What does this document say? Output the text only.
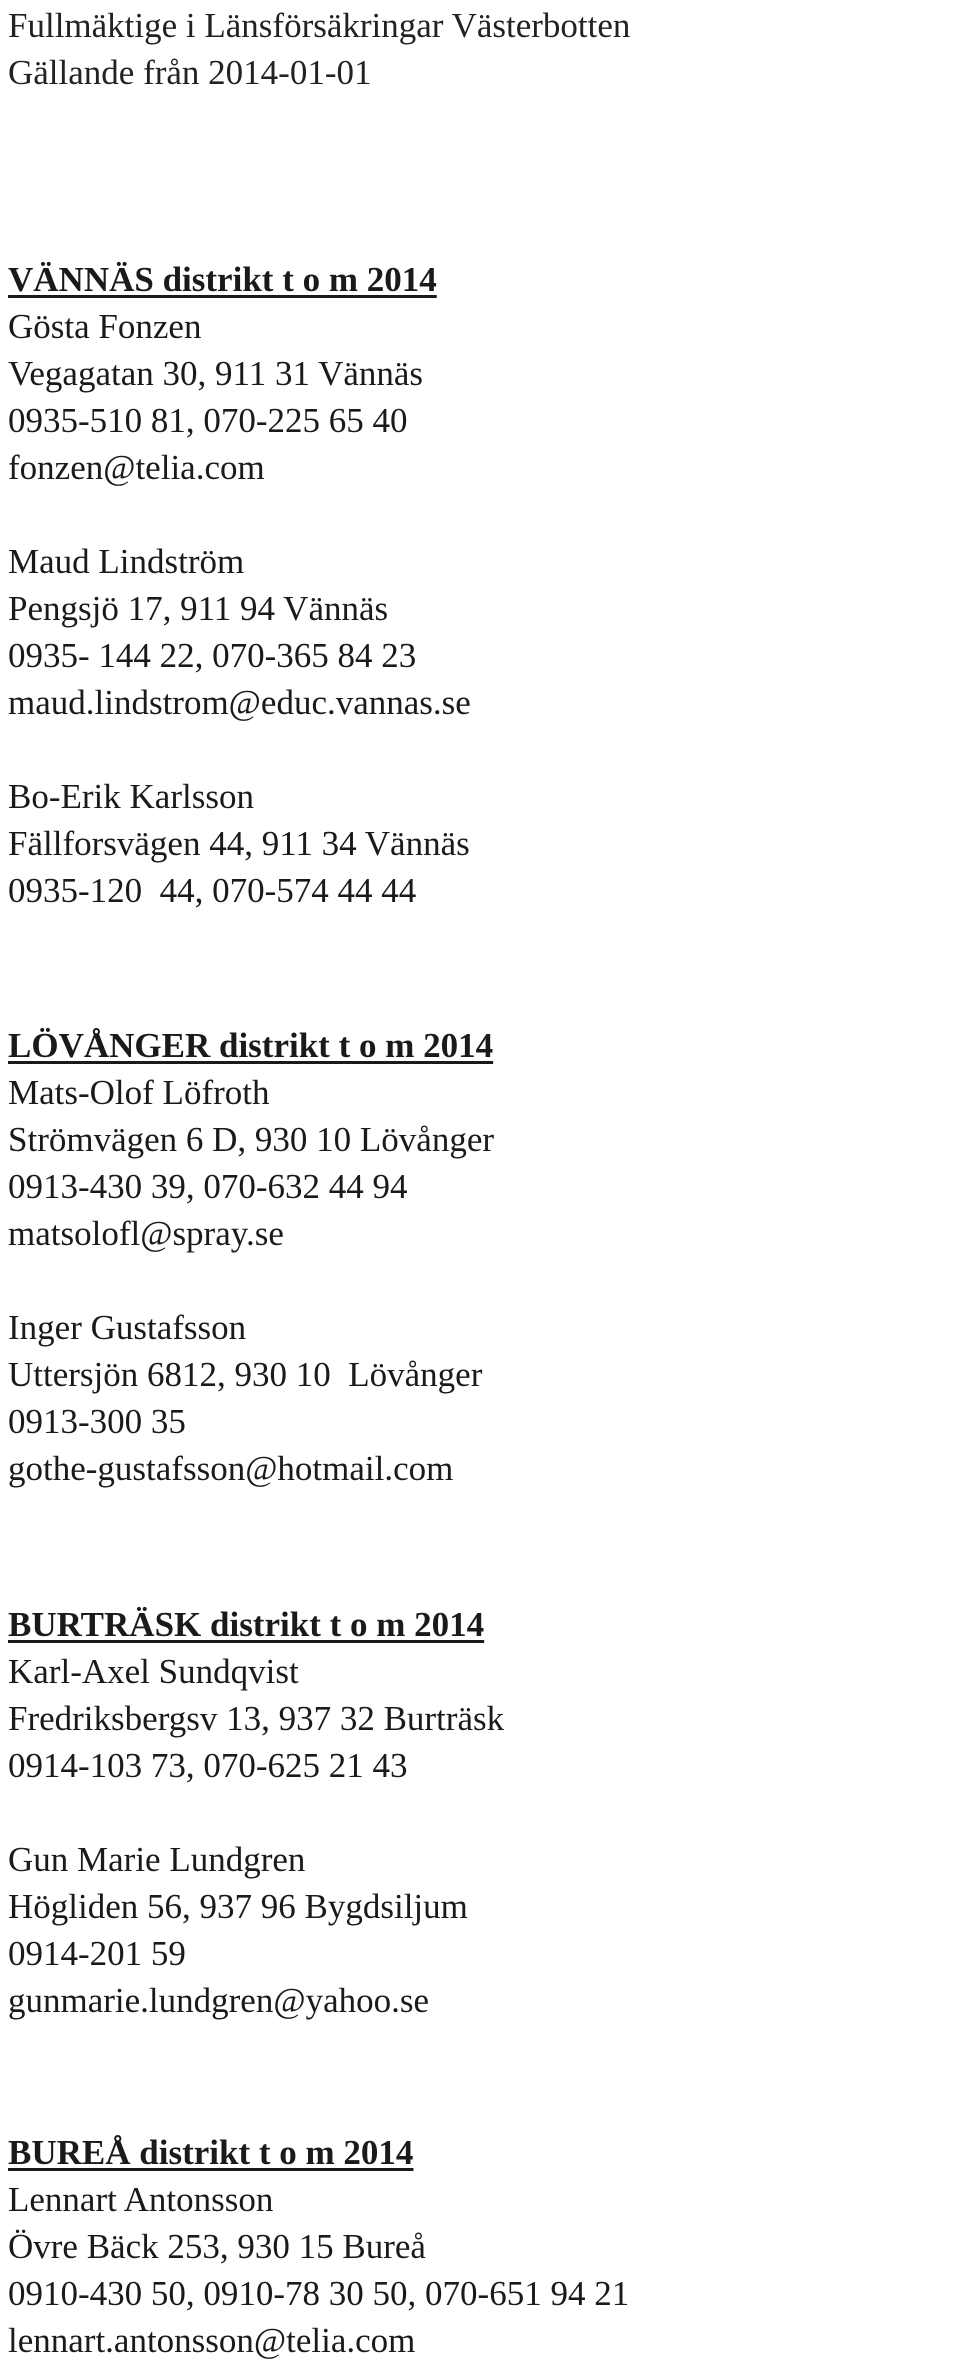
Fullmäktige i Länsförsäkringar Västerbotten
Gällande från 2014-01-01
VÄNNÄS distrikt t o m 2014
Gösta Fonzen
Vegagatan 30, 911 31 Vännäs
0935-510 81, 070-225 65 40
fonzen@telia.com
Maud Lindström
Pengsjö 17, 911 94 Vännäs
0935- 144 22, 070-365 84 23
maud.lindstrom@educ.vannas.se
Bo-Erik Karlsson
Fällforsvägen 44, 911 34 Vännäs
0935-120  44, 070-574 44 44
LÖVÅNGER distrikt t o m 2014
Mats-Olof Löfroth
Strömvägen 6 D, 930 10 Lövånger
0913-430 39, 070-632 44 94
matsolofl@spray.se
Inger Gustafsson
Uttersjön 6812, 930 10  Lövånger
0913-300 35
gothe-gustafsson@hotmail.com
BURTRÄSK distrikt t o m 2014
Karl-Axel Sundqvist
Fredriksbergsv 13, 937 32 Burträsk
0914-103 73, 070-625 21 43
Gun Marie Lundgren
Högliden 56, 937 96 Bygdsiljum
0914-201 59
gunmarie.lundgren@yahoo.se
BUREÅ distrikt t o m 2014
Lennart Antonsson
Övre Bäck 253, 930 15 Bureå
0910-430 50, 0910-78 30 50, 070-651 94 21
lennart.antonsson@telia.com
